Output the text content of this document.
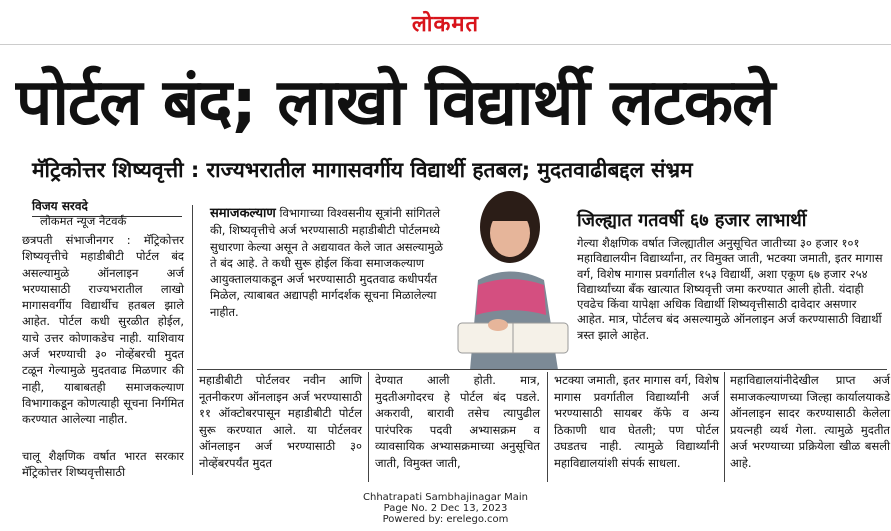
लोकमत
पोर्टल बंद; लाखो विद्यार्थी लटकले
मॅट्रिकोत्तर शिष्यवृत्ती : राज्यभरातील मागासवर्गीय विद्यार्थी हतबल; मुदतवाढीबद्दल संभ्रम
विजय सरवदे
लोकमत न्यूज नेटवर्क

छत्रपती संभाजीनगर : मॅट्रिकोत्तर शिष्यवृत्तीचे महाडीबीटी पोर्टल बंद असल्यामुळे ऑनलाइन अर्ज भरण्यासाठी राज्यभरातील लाखो मागासवर्गीय विद्यार्थीच हतबल झाले आहेत. पोर्टल कधी सुरळीत होईल, याचे उत्तर कोणाकडेच नाही. याशिवाय अर्ज भरण्याची ३० नोव्हेंबरची मुदत टळून गेल्यामुळे मुदतवाढ मिळणार की नाही, याबाबतही समाजकल्याण विभागाकडून कोणत्याही सूचना निर्गमित करण्यात आलेल्या नाहीत.

चालू शैक्षणिक वर्षात भारत सरकार मॅट्रिकोत्तर शिष्यवृत्तीसाठी

समाजकल्याण विभागाच्या विश्वसनीय सूत्रांनी सांगितले की, शिष्यवृत्तीचे अर्ज भरण्यासाठी महाडीबीटी पोर्टलमध्ये सुधारणा केल्या असून ते अद्ययावत केले जात असल्यामुळे ते बंद आहे. ते कधी सुरू होईल किंवा समाजकल्याण आयुक्तालयाकडून अर्ज भरण्यासाठी मुदतवाढ कधीपर्यंत मिळेल, त्याबाबत अद्यापही मार्गदर्शक सूचना मिळालेल्या नाहीत.
जिल्ह्यात गतवर्षी ६७ हजार लाभार्थी

गेल्या शैक्षणिक वर्षात जिल्ह्यातील अनुसूचित जातीच्या ३० हजार १०१ महाविद्यालयीन विद्यार्थ्यांना, तर विमुक्त जाती, भटक्या जमाती, इतर मागास वर्ग, विशेष मागास प्रवर्गातील १५३ विद्यार्थी, अशा एकूण ६७ हजार २५४ विद्यार्थ्यांच्या बँक खात्यात शिष्यवृत्ती जमा करण्यात आली होती. यंदाही एवढेच किंवा यापेक्षा अधिक विद्यार्थी शिष्यवृत्तीसाठी दावेदार असणार आहेत. मात्र, पोर्टलच बंद असल्यामुळे ऑनलाइन अर्ज करण्यासाठी विद्यार्थी त्रस्त झाले आहेत.

महाडीबीटी पोर्टलवर नवीन आणि नूतनीकरण ऑनलाइन अर्ज भरण्यासाठी ११ ऑक्टोबरपासून महाडीबीटी पोर्टल सुरू करण्यात आले. या पोर्टलवर ऑनलाइन अर्ज भरण्यासाठी ३० नोव्हेंबरपर्यंत मुदत
देण्यात आली होती. मात्र, मुदतीअगोदरच हे पोर्टल बंद पडले. अकरावी, बारावी तसेच त्यापुढील पारंपरिक पदवी अभ्यासक्रम व व्यावसायिक अभ्यासक्रमाच्या अनुसूचित जाती, विमुक्त जाती,
भटक्या जमाती, इतर मागास वर्ग, विशेष मागास प्रवर्गातील विद्यार्थ्यांनी अर्ज भरण्यासाठी सायबर कॅफे व अन्य ठिकाणी धाव घेतली; पण पोर्टल उघडतच नाही. त्यामुळे विद्यार्थ्यांनी महाविद्यालयांशी संपर्क साधला.
महाविद्यालयांनीदेखील प्राप्त अर्ज समाजकल्याणच्या जिल्हा कार्यालयाकडे ऑनलाइन सादर करण्यासाठी केलेला प्रयत्नही व्यर्थ गेला. त्यामुळे मुदतीत अर्ज भरण्याच्या प्रक्रियेला खीळ बसली आहे.
Chhatrapati Sambhajinagar Main
Page No. 2 Dec 13, 2023
Powered by: erelego.com
